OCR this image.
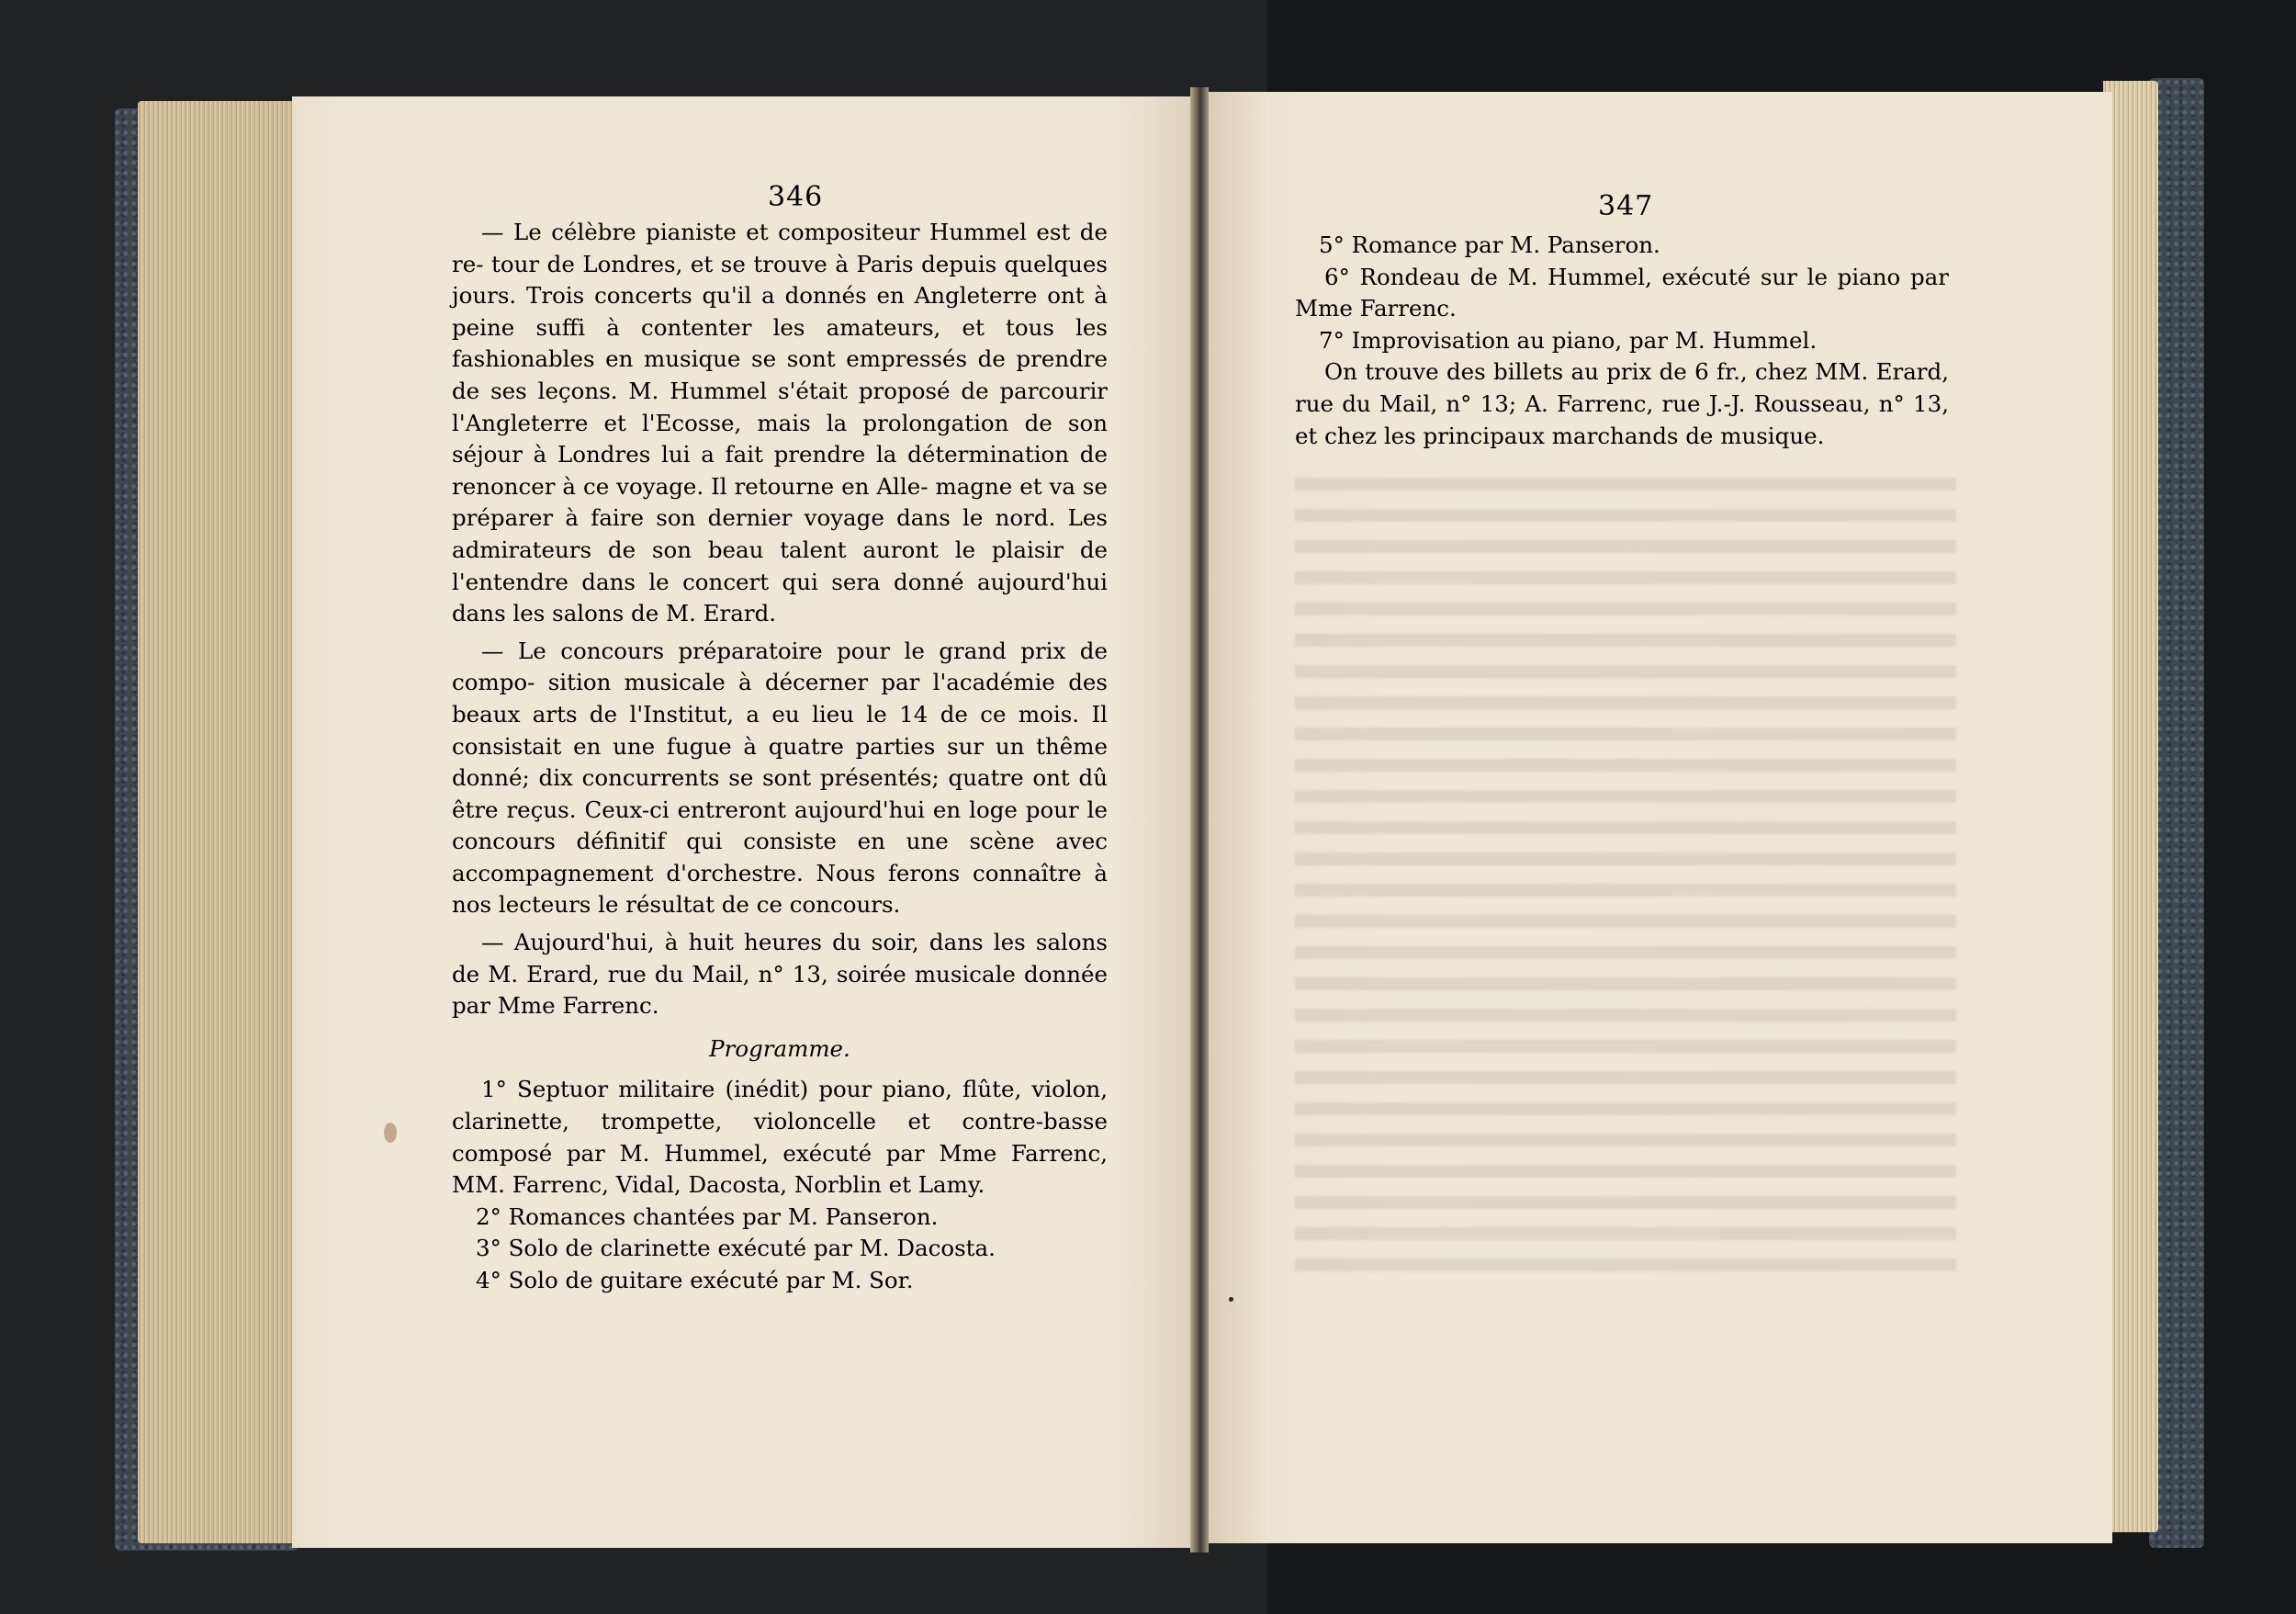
346	347
— Le célèbre pianiste et compositeur Hummel est de re- tour de Londres, et se trouve à Paris depuis quelques jours. Trois concerts qu'il a donnés en Angleterre ont à peine suffi à contenter les amateurs, et tous les fashionables en musique se sont empressés de prendre de ses leçons. M. Hummel s'était proposé de parcourir l'Angleterre et l'Ecosse, mais la prolongation de son séjour à Londres lui a fait prendre la détermination de renoncer à ce voyage. Il retourne en Alle- magne et va se préparer à faire son dernier voyage dans le nord. Les admirateurs de son beau talent auront le plaisir de l'entendre dans le concert qui sera donné aujourd'hui dans les salons de M. Erard.
— Le concours préparatoire pour le grand prix de compo- sition musicale à décerner par l'académie des beaux arts de l'Institut, a eu lieu le 14 de ce mois. Il consistait en une fugue à quatre parties sur un thême donné; dix concurrents se sont présentés; quatre ont dû être reçus. Ceux-ci entreront aujourd'hui en loge pour le concours définitif qui consiste en une scène avec accompagnement d'orchestre. Nous ferons connaître à nos lecteurs le résultat de ce concours.
— Aujourd'hui, à huit heures du soir, dans les salons de M. Erard, rue du Mail, n° 13, soirée musicale donnée par Mme Farrenc.
Programme.
1° Septuor militaire (inédit) pour piano, flûte, violon, clarinette, trompette, violoncelle et contre-basse composé par M. Hummel, exécuté par Mme Farrenc, MM. Farrenc, Vidal, Dacosta, Norblin et Lamy.
2° Romances chantées par M. Panseron.
3° Solo de clarinette exécuté par M. Dacosta.
4° Solo de guitare exécuté par M. Sor.
5° Romance par M. Panseron.
6° Rondeau de M. Hummel, exécuté sur le piano par Mme Farrenc.
7° Improvisation au piano, par M. Hummel.
On trouve des billets au prix de 6 fr., chez MM. Erard, rue du Mail, n° 13; A. Farrenc, rue J.-J. Rousseau, n° 13, et chez les principaux marchands de musique.
